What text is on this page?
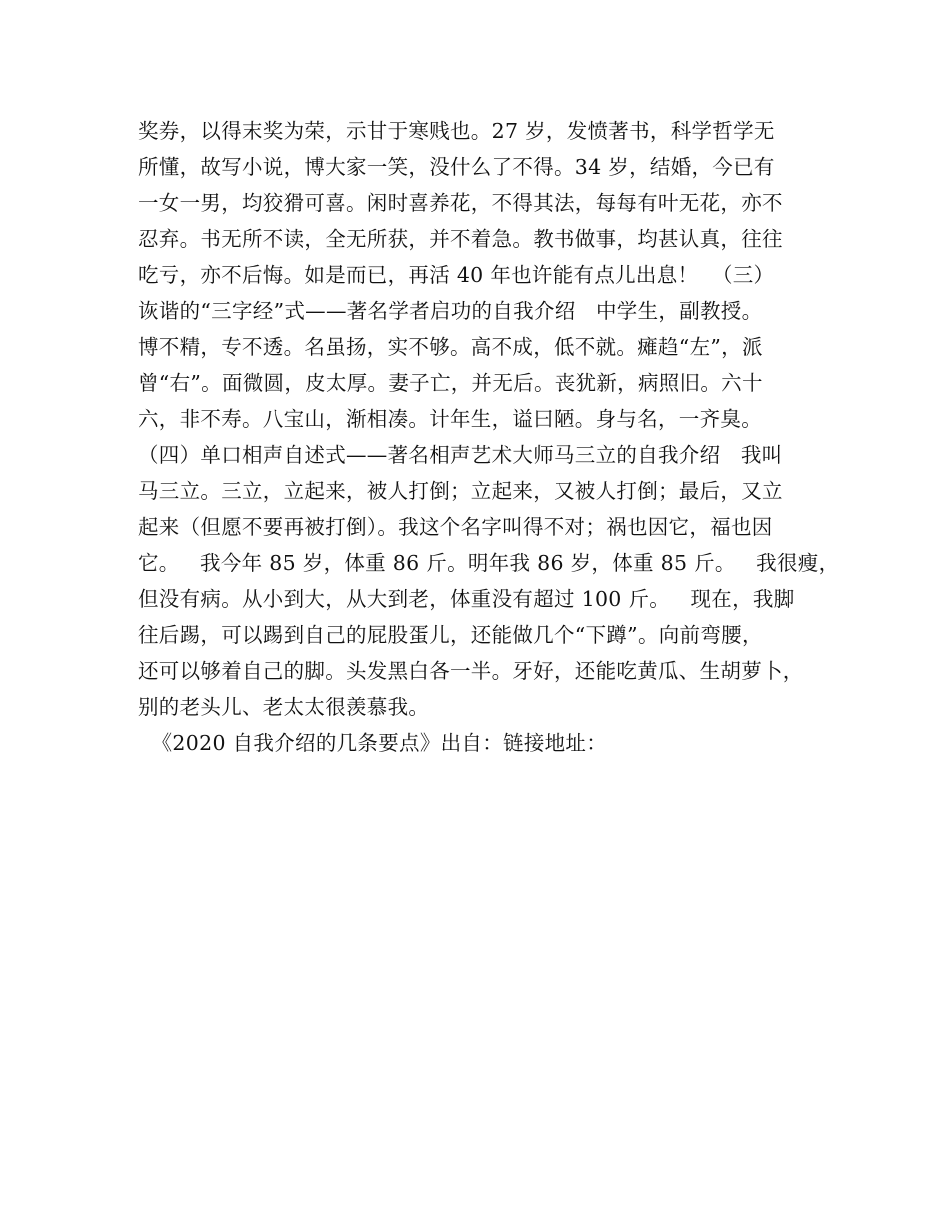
奖券，以得末奖为荣，示甘于寒贱也。27 岁，发愤著书，科学哲学无
所懂，故写小说，博大家一笑，没什么了不得。34 岁，结婚，今已有
一女一男，均狡猾可喜。闲时喜养花，不得其法，每每有叶无花，亦不
忍弃。书无所不读，全无所获，并不着急。教书做事，均甚认真，往往
吃亏，亦不后悔。如是而已，再活 40 年也许能有点儿出息！  （三）
诙谐的“三字经”式——著名学者启功的自我介绍   中学生，副教授。
博不精，专不透。名虽扬，实不够。高不成，低不就。瘫趋“左”，派
曾“右”。面微圆，皮太厚。妻子亡，并无后。丧犹新，病照旧。六十
六，非不寿。八宝山，渐相凑。计年生，谥曰陋。身与名，一齐臭。
（四）单口相声自述式——著名相声艺术大师马三立的自我介绍   我叫
马三立。三立，立起来，被人打倒；立起来，又被人打倒；最后，又立
起来（但愿不要再被打倒）。我这个名字叫得不对；祸也因它，福也因
它。   我今年 85 岁，体重 86 斤。明年我 86 岁，体重 85 斤。   我很瘦，
但没有病。从小到大，从大到老，体重没有超过 100 斤。   现在，我脚
往后踢，可以踢到自己的屁股蛋儿，还能做几个“下蹲”。向前弯腰，
还可以够着自己的脚。头发黑白各一半。牙好，还能吃黄瓜、生胡萝卜，
别的老头儿、老太太很羡慕我。
《2020 自我介绍的几条要点》出自：链接地址：
